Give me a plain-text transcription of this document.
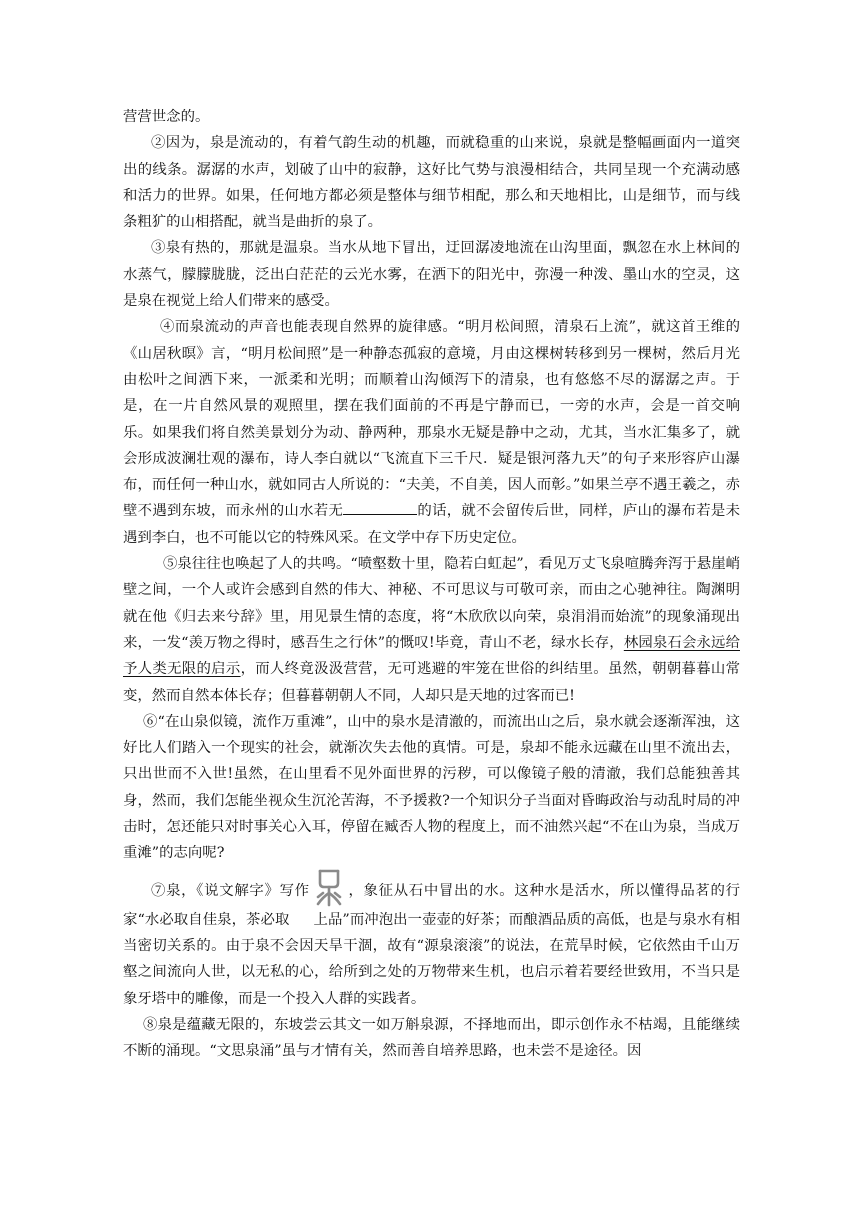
营营世念的。

②因为，泉是流动的，有着气韵生动的机趣，而就稳重的山来说，泉就是整幅画面内一道突出的线条。潺潺的水声，划破了山中的寂静，这好比气势与浪漫相结合，共同呈现一个充满动感和活力的世界。如果，任何地方都必须是整体与细节相配，那么和天地相比，山是细节，而与线条粗犷的山相搭配，就当是曲折的泉了。

③泉有热的，那就是温泉。当水从地下冒出，迂回潺凌地流在山沟里面，飘忽在水上林间的水蒸气，朦朦胧胧，泛出白茫茫的云光水雾，在洒下的阳光中，弥漫一种泼、墨山水的空灵，这是泉在视觉上给人们带来的感受。

④而泉流动的声音也能表现自然界的旋律感。“明月松间照，清泉石上流”，就这首王维的《山居秋暝》言，“明月松间照”是一种静态孤寂的意境，月由这棵树转移到另一棵树，然后月光由松叶之间洒下来，一派柔和光明；而顺着山沟倾泻下的清泉，也有悠悠不尽的潺潺之声。于是，在一片自然风景的观照里，摆在我们面前的不再是宁静而已，一旁的水声，会是一首交响乐。如果我们将自然美景划分为动、静两种，那泉水无疑是静中之动，尤其，当水汇集多了，就会形成波澜壮观的瀑布，诗人李白就以“飞流直下三千尺．疑是银河落九天”的句子来形容庐山瀑布，而任何一种山水，就如同古人所说的：“夫美，不自美，因人而彰。”如果兰亭不遇王羲之，赤壁不遇到东坡，而永州的山水若无	的话，就不会留传后世，同样，庐山的瀑布若是未遇到李白，也不可能以它的特殊风采。在文学中存下历史定位。

⑤泉往往也唤起了人的共鸣。“喷壑数十里，隐若白虹起”，看见万丈飞泉喧腾奔泻于悬崖峭壁之间，一个人或许会感到自然的伟大、神秘、不可思议与可敬可亲，而由之心驰神往。陶渊明就在他《归去来兮辞》里，用见景生情的态度，将“木欣欣以向荣，泉涓涓而始流”的现象涌现出来，一发“羡万物之得时，感吾生之行休”的慨叹!毕竟，青山不老，绿水长存，林园泉石会永远给予人类无限的启示，而人终竟汲汲营营，无可逃避的牢笼在世俗的纠结里。虽然，朝朝暮暮山常变，然而自然本体长存；但暮暮朝朝人不同，人却只是天地的过客而已!

⑥“在山泉似镜，流作万重滩”，山中的泉水是清澈的，而流出山之后，泉水就会逐渐浑浊，这好比人们踏入一个现实的社会，就渐次失去他的真情。可是，泉却不能永远藏在山里不流出去，只出世而不入世!虽然，在山里看不见外面世界的污秽，可以像镜子般的清澈，我们总能独善其身，然而，我们怎能坐视众生沉沦苦海，不予援救?一个知识分子当面对昏晦政治与动乱时局的冲击时，怎还能只对时事关心入耳，停留在臧否人物的程度上，而不油然兴起“不在山为泉，当成万重滩”的志向呢?

⑦泉，《说文解字》写作	，象征从石中冒出的水。这种水是活水，所以懂得品茗的行家“水必取自佳泉，茶必取 上品”而冲泡出一壶壶的好茶；而酿酒品质的高低，也是与泉水有相当密切关系的。由于泉不会因天旱干涸，故有“源泉滚滚”的说法，在荒旱时候，它依然由千山万壑之间流向人世，以无私的心，给所到之处的万物带来生机，也启示着若要经世致用，不当只是象牙塔中的雕像，而是一个投入人群的实践者。

⑧泉是蕴藏无限的，东坡尝云其文一如万斛泉源，不择地而出，即示创作永不枯竭，且能继续不断的涌现。“文思泉涌”虽与才情有关，然而善自培养思路，也未尝不是途径。因
